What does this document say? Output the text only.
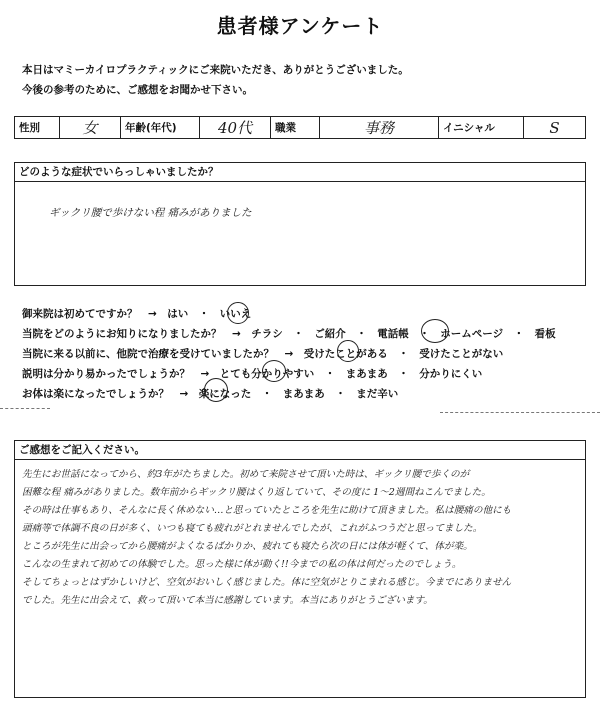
患者様アンケート
本日はマミーカイロプラクティックにご来院いただき、ありがとうございました。
今後の参考のために、ご感想をお聞かせ下さい。
性別	女	年齢(年代)	40代	職業	事務	イニシャル	S
どのような症状でいらっしゃいましたか？
ギックリ腰で歩けない程 痛みがありました
御来院は初めてですか？　→　はい　・　いいえ
当院をどのようにお知りになりましたか？　→　チラシ　・　ご紹介　・　電話帳　・　ホームページ　・　看板
当院に来る以前に、他院で治療を受けていましたか？　→　受けたことがある　・　受けたことがない
説明は分かり易かったでしょうか？　→　とても分かりやすい　・　まあまあ　・　分かりにくい
お体は楽になったでしょうか？　→　楽になった　・　まあまあ　・　まだ辛い
いいえ ホームページ 受けたことがある とても分かりやすい 楽になった
ご感想をご記入ください。
先生にお世話になってから、約3年がたちました。初めて来院させて頂いた時は、ギックリ腰で歩くのが
困難な程 痛みがありました。数年前からギックリ腰はくり返していて、その度に 1〜2週間ねこんでました。
その時は仕事もあり、そんなに長く休めない…と思っていたところを先生に助けて頂きました。私は腰痛の他にも
頭痛等で体調不良の日が多く、いつも寝ても疲れがとれませんでしたが、これがふつうだと思ってました。
ところが先生に出会ってから腰痛がよくなるばかりか、疲れても寝たら次の日には体が軽くて、体が楽。
こんなの生まれて初めての体験でした。思った様に体が動く!!今までの私の体は何だったのでしょう。
そしてちょっとはずかしいけど、空気がおいしく感じました。体に空気がとりこまれる感じ。今までにありません
でした。先生に出会えて、救って頂いて本当に感謝しています。本当にありがとうございます。
